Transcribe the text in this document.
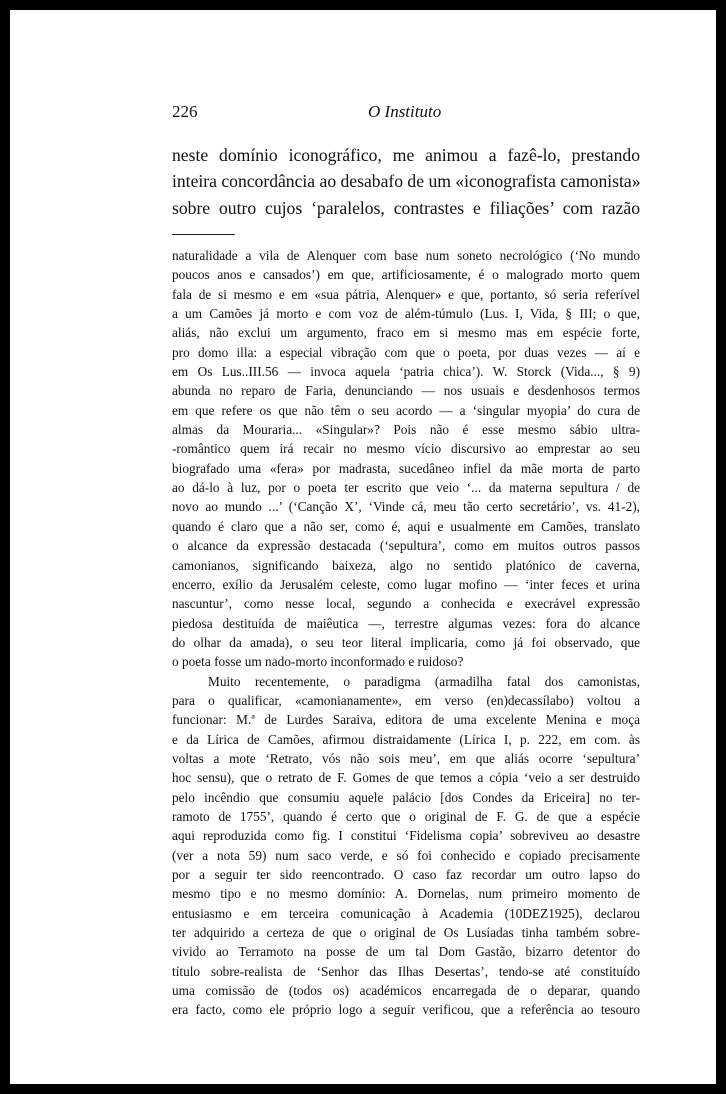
226	O Instituto
neste domínio iconográfico, me animou a fazê-lo, prestando
inteira concordância ao desabafo de um «iconografista camonista»
sobre outro cujos ‘paralelos, contrastes e filiações’ com razão
naturalidade a vila de Alenquer com base num soneto necrológico (‘No mundo
poucos anos e cansados’) em que, artificiosamente, é o malogrado morto quem
fala de si mesmo e em «sua pátria, Alenquer» e que, portanto, só seria referível
a um Camões já morto e com voz de além-túmulo (Lus. I, Vida, § III; o que,
aliás, não exclui um argumento, fraco em si mesmo mas em espécie forte,
pro domo illa: a especial vibração com que o poeta, por duas vezes — aí e
em Os Lus..III.56 — invoca aquela ‘patria chica’). W. Storck (Vida..., § 9)
abunda no reparo de Faria, denunciando — nos usuais e desdenhosos termos
em que refere os que não têm o seu acordo — a ‘singular myopia’ do cura de
almas da Mouraria... «Singular»? Pois não é esse mesmo sábio ultra-
-romântico quem irá recair no mesmo vício discursivo ao emprestar ao seu
biografado uma «fera» por madrasta, sucedâneo infiel da mãe morta de parto
ao dá-lo à luz, por o poeta ter escrito que veio ‘... da materna sepultura / de
novo ao mundo ...’ (‘Canção X’, ‘Vinde cá, meu tão certo secretário’, vs. 41-2),
quando é claro que a não ser, como é, aqui e usualmente em Camões, translato
o alcance da expressão destacada (‘sepultura’, como em muitos outros passos
camonianos, significando baixeza, algo no sentido platónico de caverna,
encerro, exílio da Jerusalém celeste, como lugar mofino — ‘inter feces et urina
nascuntur’, como nesse local, segundo a conhecida e execrável expressão
piedosa destituída de maiêutica —, terrestre algumas vezes: fora do alcance
do olhar da amada), o seu teor literal implicaria, como já foi observado, que
o poeta fosse um nado-morto inconformado e ruidoso?
Muito recentemente, o paradigma (armadilha fatal dos camonistas,
para o qualificar, «camonianamente», em verso (en)decassílabo) voltou a
funcionar: M.ª de Lurdes Saraiva, editora de uma excelente Menina e moça
e da Lírica de Camões, afirmou distraidamente (Lírica I, p. 222, em com. às
voltas a mote ‘Retrato, vós não sois meu’, em que aliás ocorre ‘sepultura’
hoc sensu), que o retrato de F. Gomes de que temos a cópia ‘veio a ser destruido
pelo incêndio que consumiu aquele palácio [dos Condes da Ericeira] no ter-
ramoto de 1755’, quando é certo que o original de F. G. de que a espécie
aqui reproduzida como fig. I constitui ‘Fidelisma copia’ sobreviveu ao desastre
(ver a nota 59) num saco verde, e só foi conhecido e copiado precisamente
por a seguir ter sido reencontrado. O caso faz recordar um outro lapso do
mesmo tipo e no mesmo domínio: A. Dornelas, num primeiro momento de
entusiasmo e em terceira comunicação à Academia (10DEZ1925), declarou
ter adquirido a certeza de que o original de Os Lusíadas tinha também sobre-
vivido ao Terramoto na posse de um tal Dom Gastão, bizarro detentor do
título sobre-realista de ‘Senhor das Ilhas Desertas’, tendo-se até constituído
uma comissão de (todos os) académicos encarregada de o deparar, quando
era facto, como ele próprio logo a seguir verificou, que a referência ao tesouro
